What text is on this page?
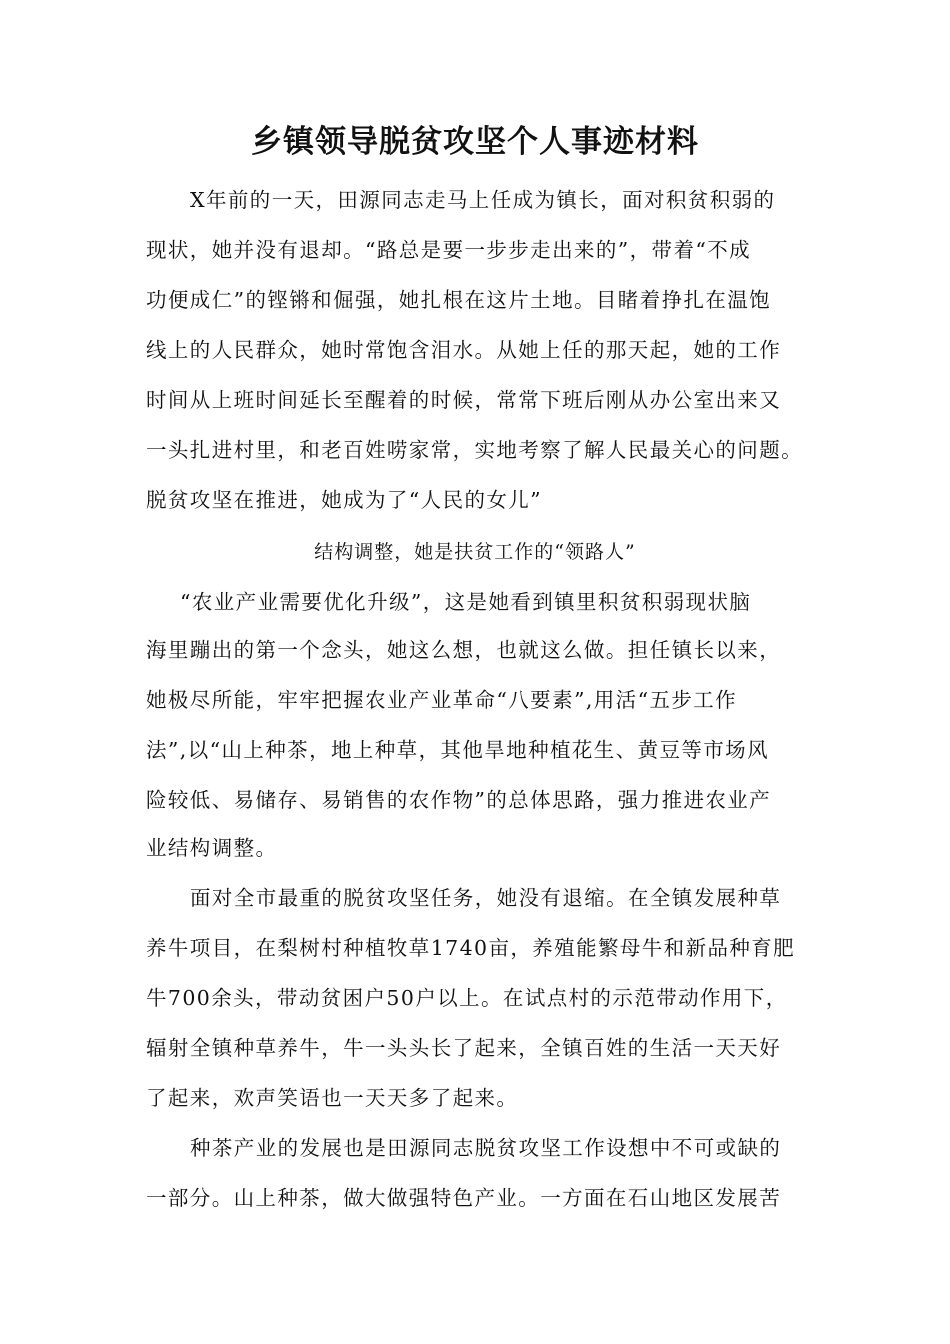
乡镇领导脱贫攻坚个人事迹材料
X年前的一天，田源同志走马上任成为镇长，面对积贫积弱的
现状，她并没有退却。“路总是要一步步走出来的”，带着“不成
功便成仁”的铿锵和倔强，她扎根在这片土地。目睹着挣扎在温饱
线上的人民群众，她时常饱含泪水。从她上任的那天起，她的工作
时间从上班时间延长至醒着的时候，常常下班后刚从办公室出来又
一头扎进村里，和老百姓唠家常，实地考察了解人民最关心的问题。
脱贫攻坚在推进，她成为了“人民的女儿”
结构调整，她是扶贫工作的“领路人”
“农业产业需要优化升级”，这是她看到镇里积贫积弱现状脑
海里蹦出的第一个念头，她这么想，也就这么做。担任镇长以来，
她极尽所能，牢牢把握农业产业革命“八要素”,用活“五步工作
法”,以“山上种茶，地上种草，其他旱地种植花生、黄豆等市场风
险较低、易储存、易销售的农作物”的总体思路，强力推进农业产
业结构调整。
面对全市最重的脱贫攻坚任务，她没有退缩。在全镇发展种草
养牛项目，在梨树村种植牧草1740亩，养殖能繁母牛和新品种育肥
牛700余头，带动贫困户50户以上。在试点村的示范带动作用下，
辐射全镇种草养牛，牛一头头长了起来，全镇百姓的生活一天天好
了起来，欢声笑语也一天天多了起来。
种茶产业的发展也是田源同志脱贫攻坚工作设想中不可或缺的
一部分。山上种茶，做大做强特色产业。一方面在石山地区发展苦
